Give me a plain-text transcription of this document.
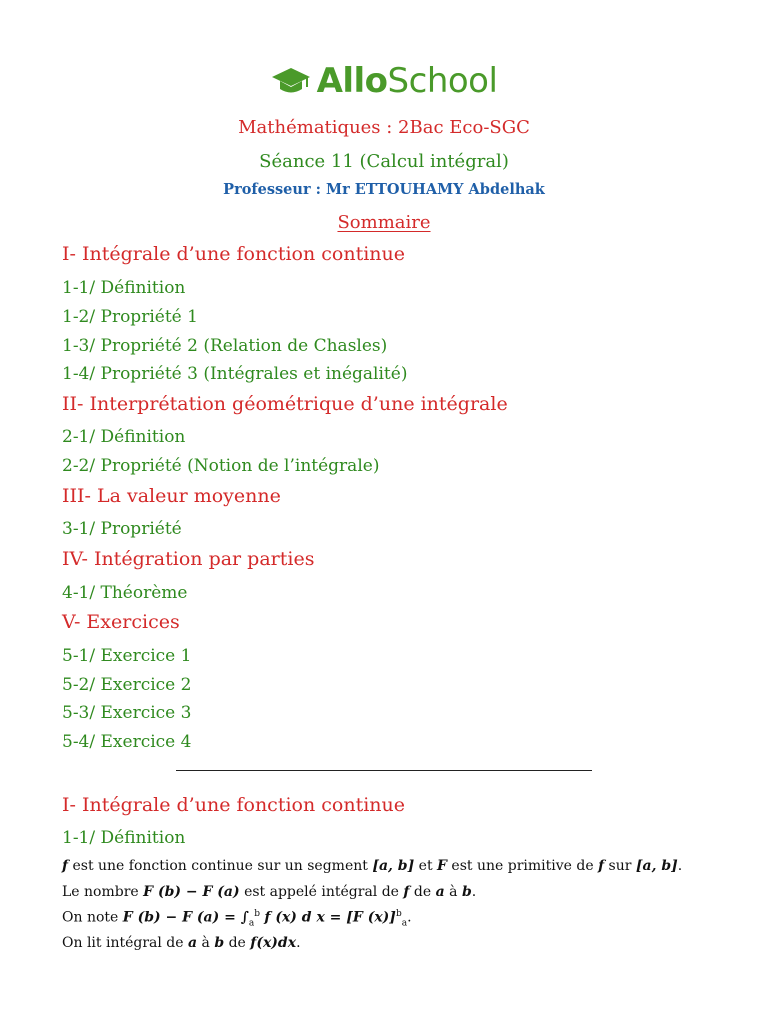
AlloSchool
Mathématiques : 2Bac Eco-SGC
Séance 11 (Calcul intégral)
Professeur : Mr ETTOUHAMY Abdelhak
Sommaire
I- Intégrale d’une fonction continue
1-1/ Définition
1-2/ Propriété 1
1-3/ Propriété 2 (Relation de Chasles)
1-4/ Propriété 3 (Intégrales et inégalité)
II- Interprétation géométrique d’une intégrale
2-1/ Définition
2-2/ Propriété (Notion de l’intégrale)
III- La valeur moyenne
3-1/ Propriété
IV- Intégration par parties
4-1/ Théorème
V- Exercices
5-1/ Exercice 1
5-2/ Exercice 2
5-3/ Exercice 3
5-4/ Exercice 4
I- Intégrale d’une fonction continue
1-1/ Définition
f est une fonction continue sur un segment [a, b] et F est une primitive de f sur [a, b].
Le nombre F (b) − F (a) est appelé intégral de f de a à b.
On note F (b) − F $(a) = \int_a^b$ f (x) d x = [F (x)]$^b_a$.
On lit intégral de a à b de f(x)dx.
